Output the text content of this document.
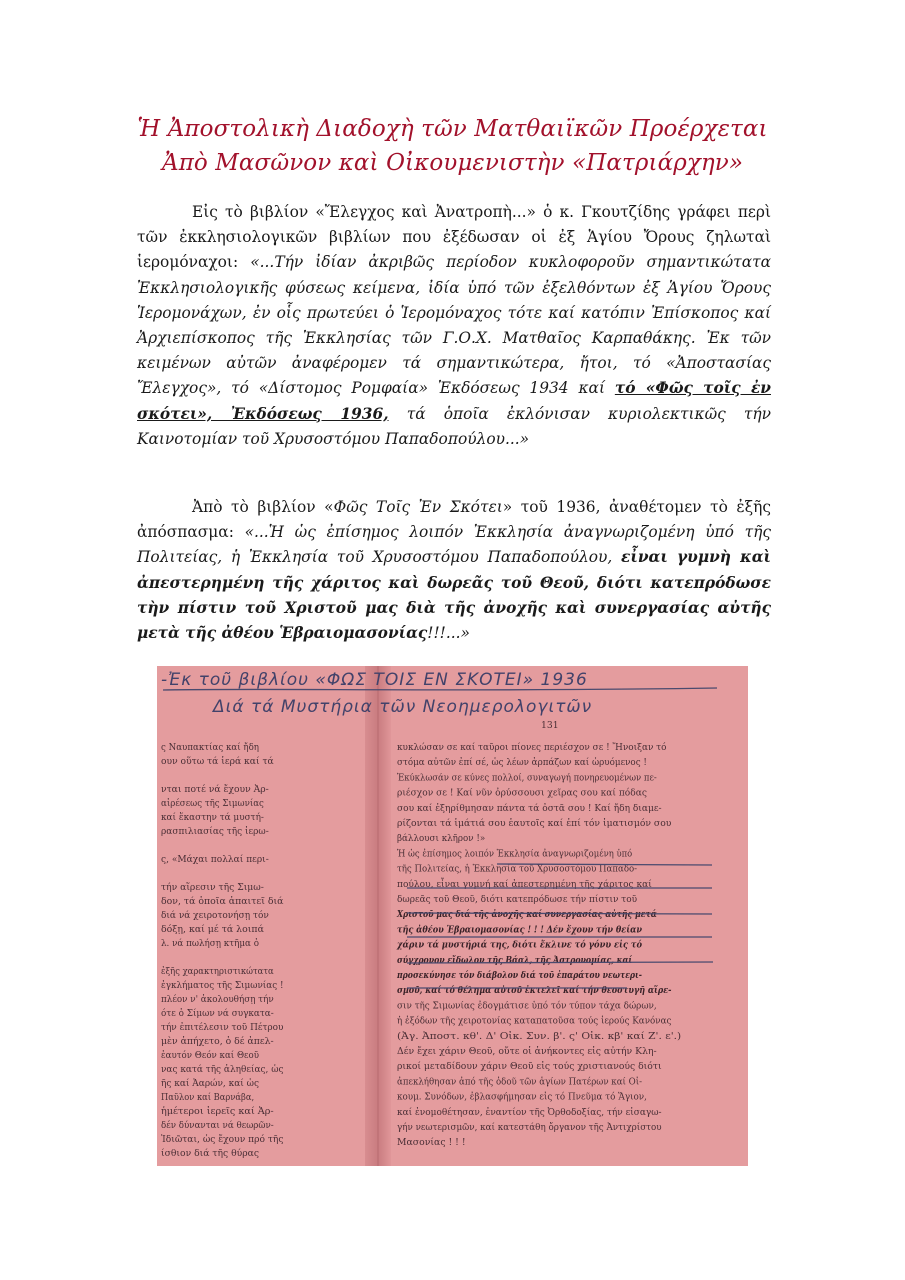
Ἡ Ἀποστολικὴ Διαδοχὴ τῶν Ματθαιϊκῶν Προέρχεται
Ἀπὸ Μασῶνον καὶ Οἰκουμενιστὴν «Πατριάρχην»
Εἰς τὸ βιβλίον «Ἔλεγχος καὶ Ἀνατροπὴ...» ὁ κ. Γκουτζίδης γράφει περὶ τῶν ἐκκλησιολογικῶν βιβλίων που ἐξέδωσαν οἱ ἐξ Ἁγίου Ὄρους ζηλωταὶ ἱερομόναχοι: «...Τήν ἰδίαν ἀκριβῶς περίοδον κυκλοφοροῦν σημαντικώτατα Ἐκκλησιολογικῆς φύσεως κείμενα, ἰδία ὑπό τῶν ἐξελθόντων ἐξ Ἁγίου Ὄρους Ἱερομονάχων, ἐν οἷς πρωτεύει ὁ Ἱερομόναχος τότε καί κατόπιν Ἐπίσκοπος καί Ἀρχιεπίσκοπος τῆς Ἐκκλησίας τῶν Γ.Ο.Χ. Ματθαῖος Καρπαθάκης. Ἐκ τῶν κειμένων αὐτῶν ἀναφέρομεν τά σημαντικώτερα, ἤτοι, τό «Ἀποστασίας Ἔλεγχος», τό «Δίστομος Ρομφαία» Ἐκδόσεως 1934 καί τό «Φῶς τοῖς ἐν σκότει», Ἐκδόσεως 1936, τά ὁποῖα ἐκλόνισαν κυριολεκτικῶς τήν Καινοτομίαν τοῦ Χρυσοστόμου Παπαδοπούλου...»
Ἀπὸ τὸ βιβλίον «Φῶς Τοῖς Ἐν Σκότει» τοῦ 1936, ἀναθέτομεν τὸ ἐξῆς ἀπόσπασμα: «...Ἡ ὡς ἐπίσημος λοιπόν Ἐκκλησία ἀναγνωριζομένη ὑπό τῆς Πολιτείας, ἡ Ἐκκλησία τοῦ Χρυσοστόμου Παπαδοπούλου, εἶναι γυμνὴ καὶ ἀπεστερημένη τῆς χάριτος καὶ δωρεᾶς τοῦ Θεοῦ, διότι κατεπρόδωσε τὴν πίστιν τοῦ Χριστοῦ μας διὰ τῆς ἀνοχῆς καὶ συνεργασίας αὐτῆς μετὰ τῆς ἀθέου Ἑβραιομασονίας!!!...»
-Ἐκ τοῦ βιβλίου «ΦΩΣ ΤΟΙΣ ΕΝ ΣΚΟΤΕΙ» 1936
Διά τά Μυστήρια τῶν Νεοημερολογιτῶν
131
ς Ναυπακτίας καί ἤδη
ουν οὕτω τά ἱερά καί τά
νται ποτέ νά ἔχουν Ἀρ-
αἱρέσεως τῆς Σιμωνίας
καί ἕκαστην τά μυστή-
ρασπιλιασίας τῆς ἱερω-
ς, «Μάχαι πολλαί περι-
τήν αἵρεσιν τῆς Σιμω-
δον, τά ὁποῖα ἀπαιτεῖ διά
διά νά χειροτονήσῃ τόν
δόξῃ, καί μέ τά λοιπά
λ. νά πωλήσῃ κτῆμα ὁ
ἐξῆς χαρακτηριστικώτατα
ἐγκλήματος τῆς Σιμωνίας !
πλέον ν' ἀκολουθήσῃ τήν
ότε ὁ Σίμων νά συγκατα-
τήν ἐπιτέλεσιν τοῦ Πέτρου
μὲν ἀπήχετο, ὁ δέ ἀπελ-
ἑαυτόν Θεόν καί Θεοῦ
νας κατά τῆς ἀληθείας, ὡς
ῆς καί Ἀαρών, καί ὡς
Παῦλον καί Βαρνάβα,
ἡμέτεροι ἱερεῖς καί Ἀρ-
δέν δύνανται νά θεωρῶν-
Ἰδιῶται, ὡς ἔχουν πρό τῆς
ίσθιον διά τῆς θύρας
κυκλώσαν σε καί ταῦροι πίονες περιέσχον σε ! Ἤνοιξαν τό
στόμα αὐτῶν ἐπί σέ, ὡς λέων ἁρπάζων καί ὠρυόμενος !
Ἐκύκλωσάν σε κύνες πολλοί, συναγωγή πονηρευομένων πε-
ριέσχον σε ! Καί νῦν ὀρύσσουσι χεῖρας σου καί πόδας
σου καί ἐξηρίθμησαν πάντα τά ὀστᾶ σου ! Καί ἤδη διαμε-
ρίζονται τά ἱμάτιά σου ἑαυτοῖς καί ἐπί τόν ἱματισμόν σου
βάλλουσι κλῆρον !»
Ἡ ὡς ἐπίσημος λοιπόν Ἐκκλησία ἀναγνωριζομένη ὑπό
τῆς Πολιτείας, ἡ Ἐκκλησία τοῦ Χρυσοστόμου Παπαδο-
πούλου, εἶναι γυμνή καί ἀπεστερημένη τῆς χάριτος καί
δωρεᾶς τοῦ Θεοῦ, διότι κατεπρόδωσε τήν πίστιν τοῦ
Χριστοῦ μας διά τῆς ἀνοχῆς καί συνεργασίας αὐτῆς μετά
τῆς ἀθέου Ἑβραιομασονίας ! ! ! Δέν ἔχουν τήν θείαν
χάριν τά μυστήριά της, διότι ἔκλινε τό γόνυ εἰς τό
σύγχρονον εἴδωλον τῆς Βάαλ, τῆς Ἀστρονομίας, καί
προσεκύνησε τόν διάβολον διά τοῦ ἐπαράτου νεωτερι-
σμοῦ, καί τό θέλημα αὐτοῦ ἐκτελεῖ καί τήν θεοστυγῆ αἵρε-
σιν τῆς Σιμωνίας ἐδογμάτισε ὑπό τόν τύπον τάχα δώρων,
ἡ ἐξόδων τῆς χειροτονίας καταπατοῦσα τούς ἱερούς Κανόνας
(Ἀγ. Ἀποστ. κθ'. Δ' Οἰκ. Συν. β'. ς' Οἰκ. κβ' καί Ζ'. ε'.)
Δέν ἔχει χάριν Θεοῦ, οὔτε οἱ ἀνήκοντες εἰς αὐτήν Κλη-
ρικοί μεταδίδουν χάριν Θεοῦ εἰς τούς χριστιανούς διότι
ἀπεκλήθησαν ἀπό τῆς ὁδοῦ τῶν ἁγίων Πατέρων καί Οἰ-
κουμ. Συνόδων, ἐβλασφήμησαν εἰς τό Πνεῦμα τό Ἅγιον,
καί ἐνομοθέτησαν, ἐναντίον τῆς Ὀρθοδοξίας, τήν εἰσαγω-
γήν νεωτερισμῶν, καί κατεστάθη ὄργανον τῆς Ἀντιχρίστου
Μασονίας ! ! !
